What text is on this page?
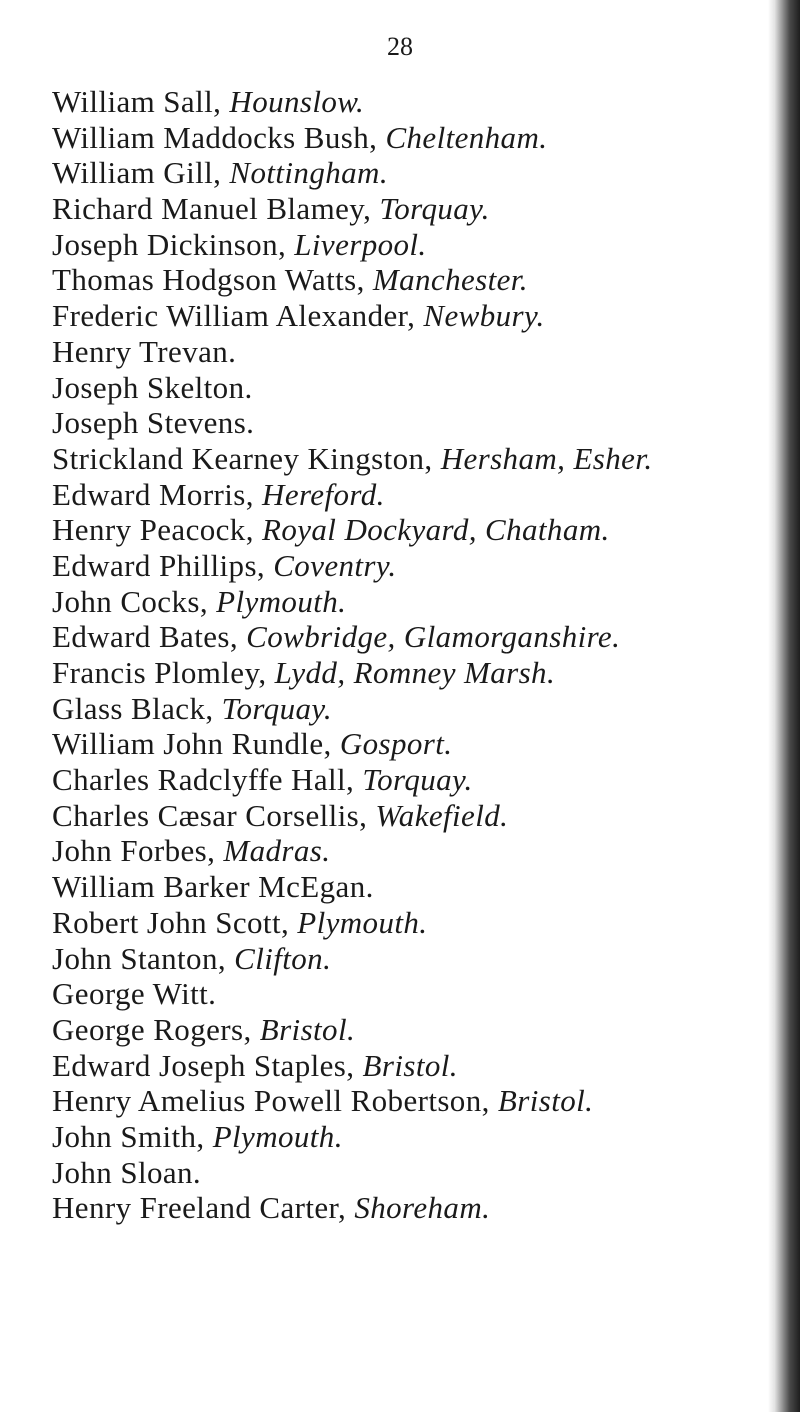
28
William Sall, Hounslow.
William Maddocks Bush, Cheltenham.
William Gill, Nottingham.
Richard Manuel Blamey, Torquay.
Joseph Dickinson, Liverpool.
Thomas Hodgson Watts, Manchester.
Frederic William Alexander, Newbury.
Henry Trevan.
Joseph Skelton.
Joseph Stevens.
Strickland Kearney Kingston, Hersham, Esher.
Edward Morris, Hereford.
Henry Peacock, Royal Dockyard, Chatham.
Edward Phillips, Coventry.
John Cocks, Plymouth.
Edward Bates, Cowbridge, Glamorganshire.
Francis Plomley, Lydd, Romney Marsh.
Glass Black, Torquay.
William John Rundle, Gosport.
Charles Radclyffe Hall, Torquay.
Charles Cæsar Corsellis, Wakefield.
John Forbes, Madras.
William Barker McEgan.
Robert John Scott, Plymouth.
John Stanton, Clifton.
George Witt.
George Rogers, Bristol.
Edward Joseph Staples, Bristol.
Henry Amelius Powell Robertson, Bristol.
John Smith, Plymouth.
John Sloan.
Henry Freeland Carter, Shoreham.
